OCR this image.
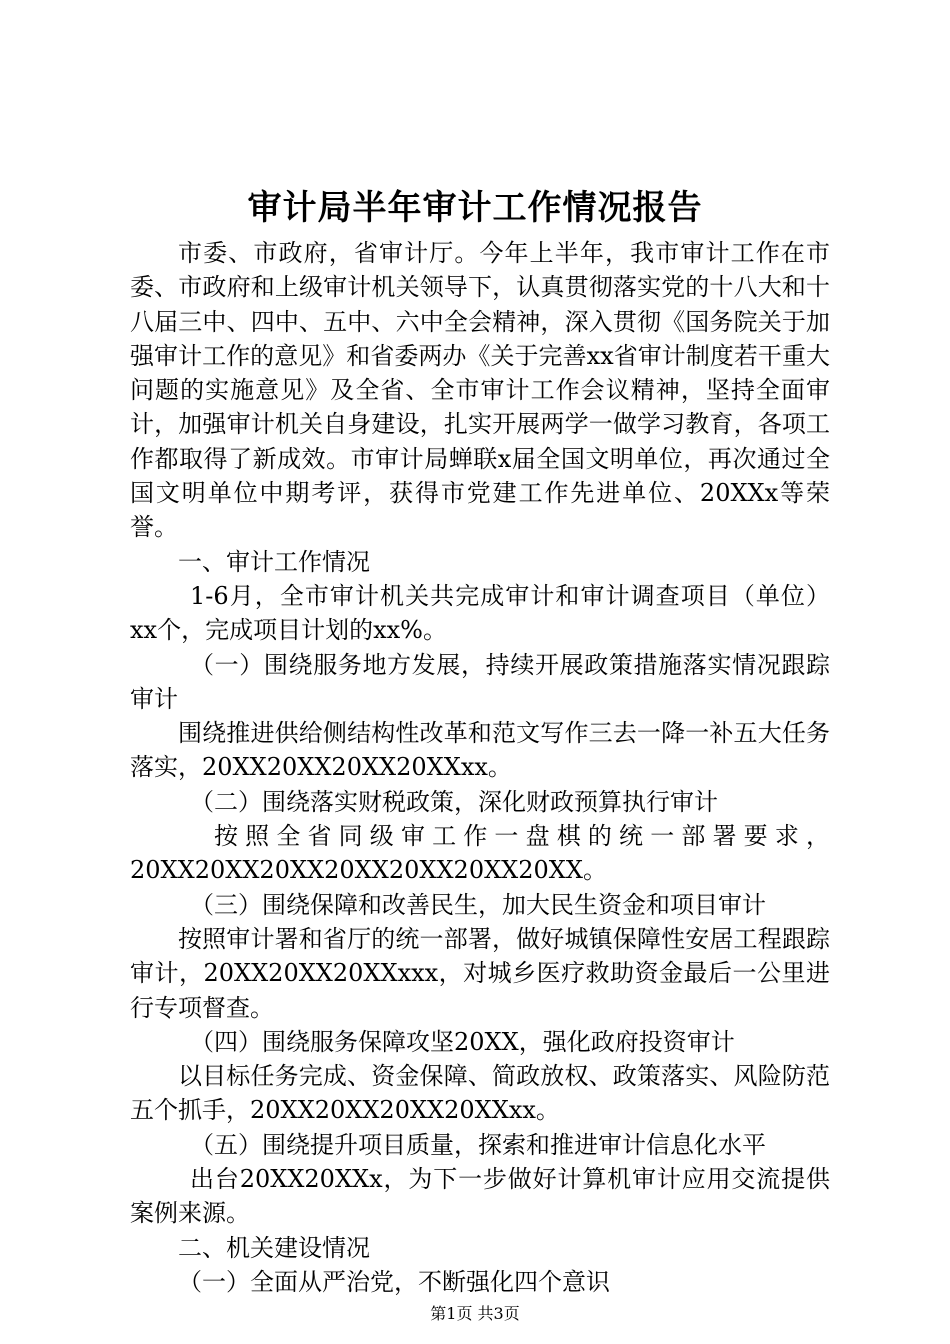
审计局半年审计工作情况报告

市委、市政府，省审计厅。今年上半年，我市审计工作在市委、市政府和上级审计机关领导下，认真贯彻落实党的十八大和十八届三中、四中、五中、六中全会精神，深入贯彻《国务院关于加强审计工作的意见》和省委两办《关于完善xx省审计制度若干重大问题的实施意见》及全省、全市审计工作会议精神，坚持全面审计，加强审计机关自身建设，扎实开展两学一做学习教育，各项工作都取得了新成效。市审计局蝉联x届全国文明单位，再次通过全国文明单位中期考评，获得市党建工作先进单位、20XXx等荣誉。

一、审计工作情况

1-6月，全市审计机关共完成审计和审计调查项目（单位）xx个，完成项目计划的xx%。

（一）围绕服务地方发展，持续开展政策措施落实情况跟踪审计

围绕推进供给侧结构性改革和范文写作三去一降一补五大任务落实，20XX20XX20XX20XXxx。

（二）围绕落实财税政策，深化财政预算执行审计

按照全省同级审工作一盘棋的统一部署要求，20XX20XX20XX20XX20XX20XX20XX。

（三）围绕保障和改善民生，加大民生资金和项目审计

按照审计署和省厅的统一部署，做好城镇保障性安居工程跟踪审计，20XX20XX20XXxxx，对城乡医疗救助资金最后一公里进行专项督查。

（四）围绕服务保障攻坚20XX，强化政府投资审计

以目标任务完成、资金保障、简政放权、政策落实、风险防范五个抓手，20XX20XX20XX20XXxx。

（五）围绕提升项目质量，探索和推进审计信息化水平

出台20XX20XXx，为下一步做好计算机审计应用交流提供案例来源。

二、机关建设情况

（一）全面从严治党，不断强化四个意识

第1页 共3页
